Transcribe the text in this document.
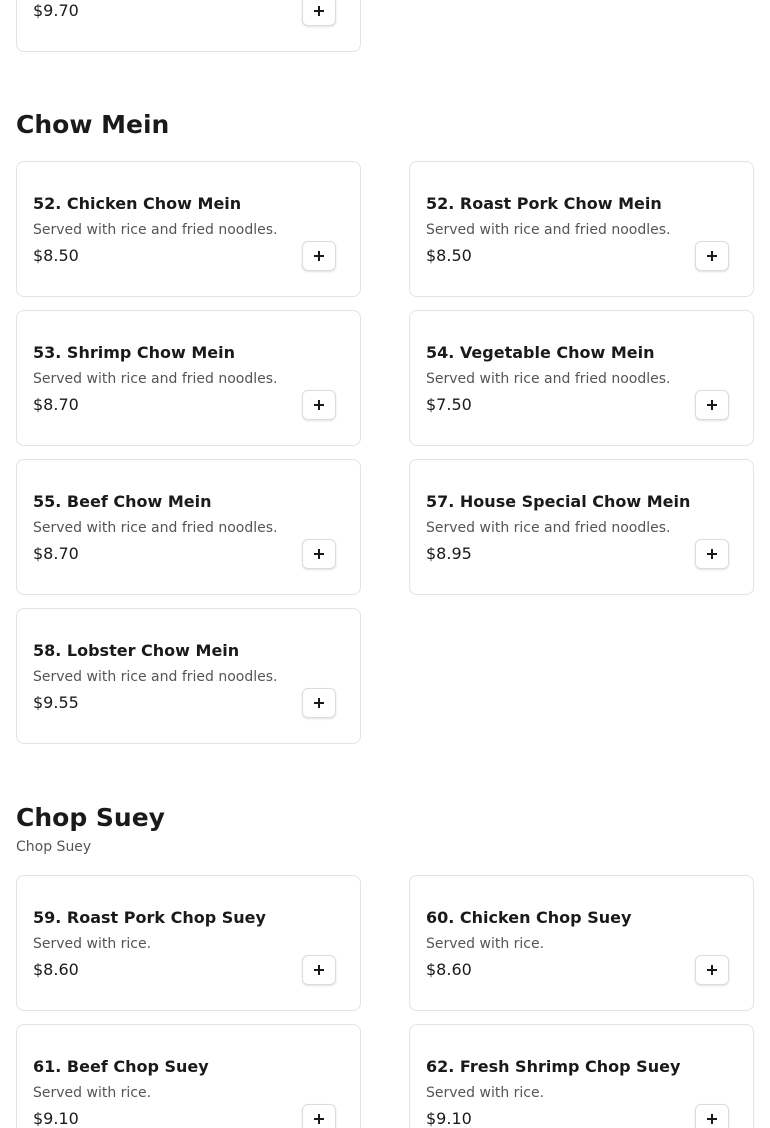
$9.70
Chow Mein
52. Chicken Chow Mein
Served with rice and fried noodles.
$8.50
52. Roast Pork Chow Mein
Served with rice and fried noodles.
$8.50
53. Shrimp Chow Mein
Served with rice and fried noodles.
$8.70
54. Vegetable Chow Mein
Served with rice and fried noodles.
$7.50
55. Beef Chow Mein
Served with rice and fried noodles.
$8.70
57. House Special Chow Mein
Served with rice and fried noodles.
$8.95
58. Lobster Chow Mein
Served with rice and fried noodles.
$9.55
Chop Suey
Chop Suey
59. Roast Pork Chop Suey
Served with rice.
$8.60
60. Chicken Chop Suey
Served with rice.
$8.60
61. Beef Chop Suey
Served with rice.
$9.10
62. Fresh Shrimp Chop Suey
Served with rice.
$9.10
